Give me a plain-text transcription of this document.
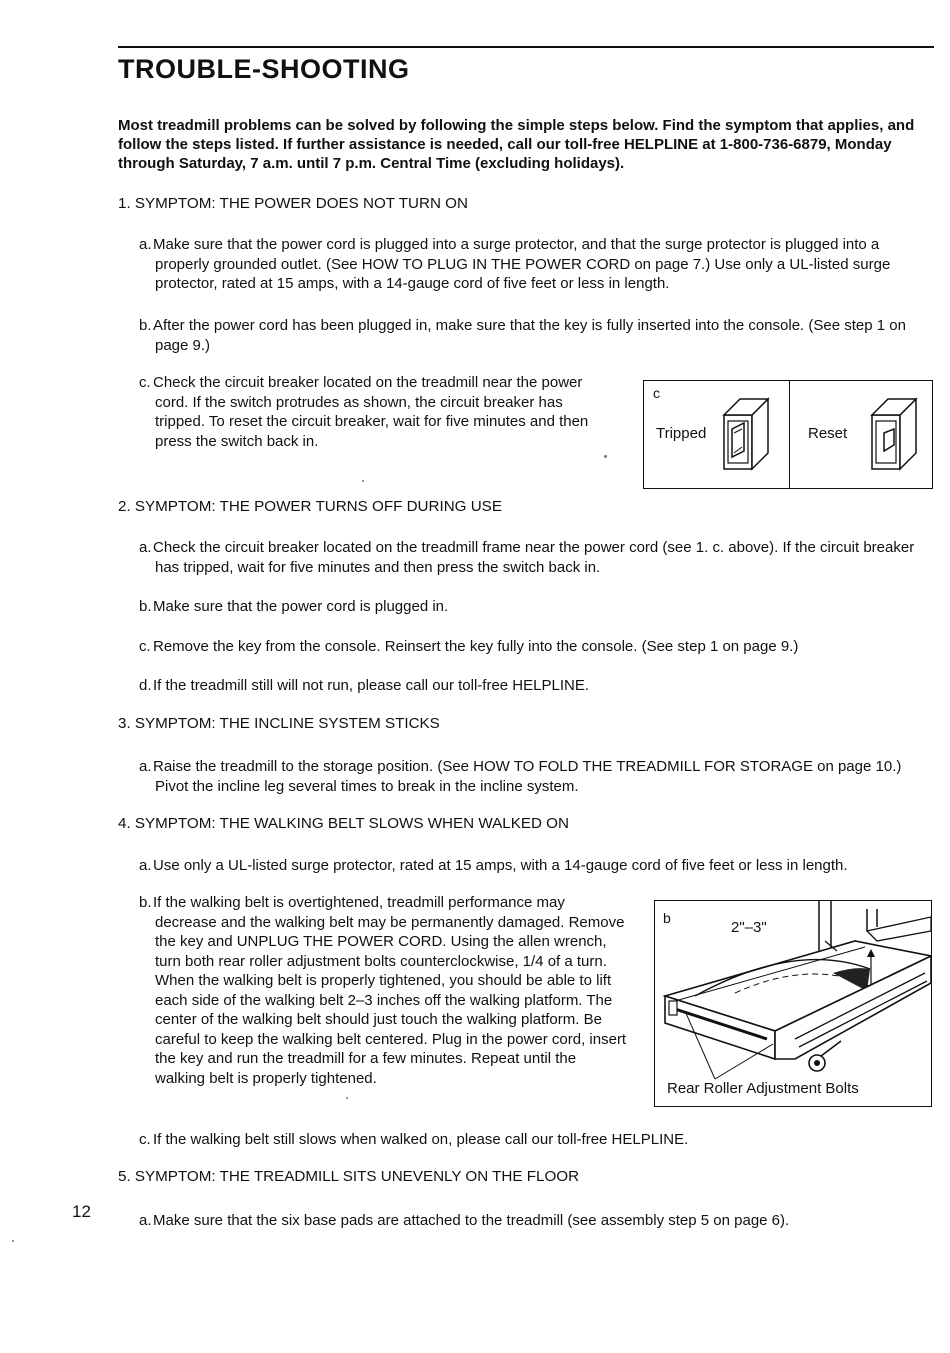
TROUBLE-SHOOTING
Most treadmill problems can be solved by following the simple steps below. Find the symptom that applies, and follow the steps listed. If further assistance is needed, call our toll-free HELPLINE at 1-800-736-6879, Monday through Saturday, 7 a.m. until 7 p.m. Central Time (excluding holidays).
1. SYMPTOM: THE POWER DOES NOT TURN ON
a.Make sure that the power cord is plugged into a surge protector, and that the surge protector is plugged into a properly grounded outlet. (See HOW TO PLUG IN THE POWER CORD on page 7.) Use only a UL-listed surge protector, rated at 15 amps, with a 14-gauge cord of five feet or less in length.
b.After the power cord has been plugged in, make sure that the key is fully inserted into the console. (See step 1 on page 9.)
c. Check the circuit breaker located on the treadmill near the power cord. If the switch protrudes as shown, the circuit breaker has tripped. To reset the circuit breaker, wait for five minutes and then press the switch back in.
c
Tripped	Reset
2. SYMPTOM: THE POWER TURNS OFF DURING USE
a.Check the circuit breaker located on the treadmill frame near the power cord (see 1. c. above). If the circuit breaker has tripped, wait for five minutes and then press the switch back in.
b.Make sure that the power cord is plugged in.
c. Remove the key from the console. Reinsert the key fully into the console. (See step 1 on page 9.)
d.If the treadmill still will not run, please call our toll-free HELPLINE.
3. SYMPTOM: THE INCLINE SYSTEM STICKS
a.Raise the treadmill to the storage position. (See HOW TO FOLD THE TREADMILL FOR STORAGE on page 10.) Pivot the incline leg several times to break in the incline system.
4. SYMPTOM: THE WALKING BELT SLOWS WHEN WALKED ON
a.Use only a UL-listed surge protector, rated at 15 amps, with a 14-gauge cord of five feet or less in length.
b.If the walking belt is overtightened, treadmill performance may decrease and the walking belt may be permanently damaged. Remove the key and UNPLUG THE POWER CORD. Using the allen wrench, turn both rear roller adjustment bolts counterclockwise, 1/4 of a turn. When the walking belt is properly tightened, you should be able to lift each side of the walking belt 2–3 inches off the walking platform. The center of the walking belt should just touch the walking platform. Be careful to keep the walking belt centered. Plug in the power cord, insert the key and run the treadmill for a few minutes. Repeat until the walking belt is properly tightened.
b
2"–3"
Rear Roller Adjustment Bolts
c. If the walking belt still slows when walked on, please call our toll-free HELPLINE.
5. SYMPTOM: THE TREADMILL SITS UNEVENLY ON THE FLOOR
a.Make sure that the six base pads are attached to the treadmill (see assembly step 5 on page 6).
12
